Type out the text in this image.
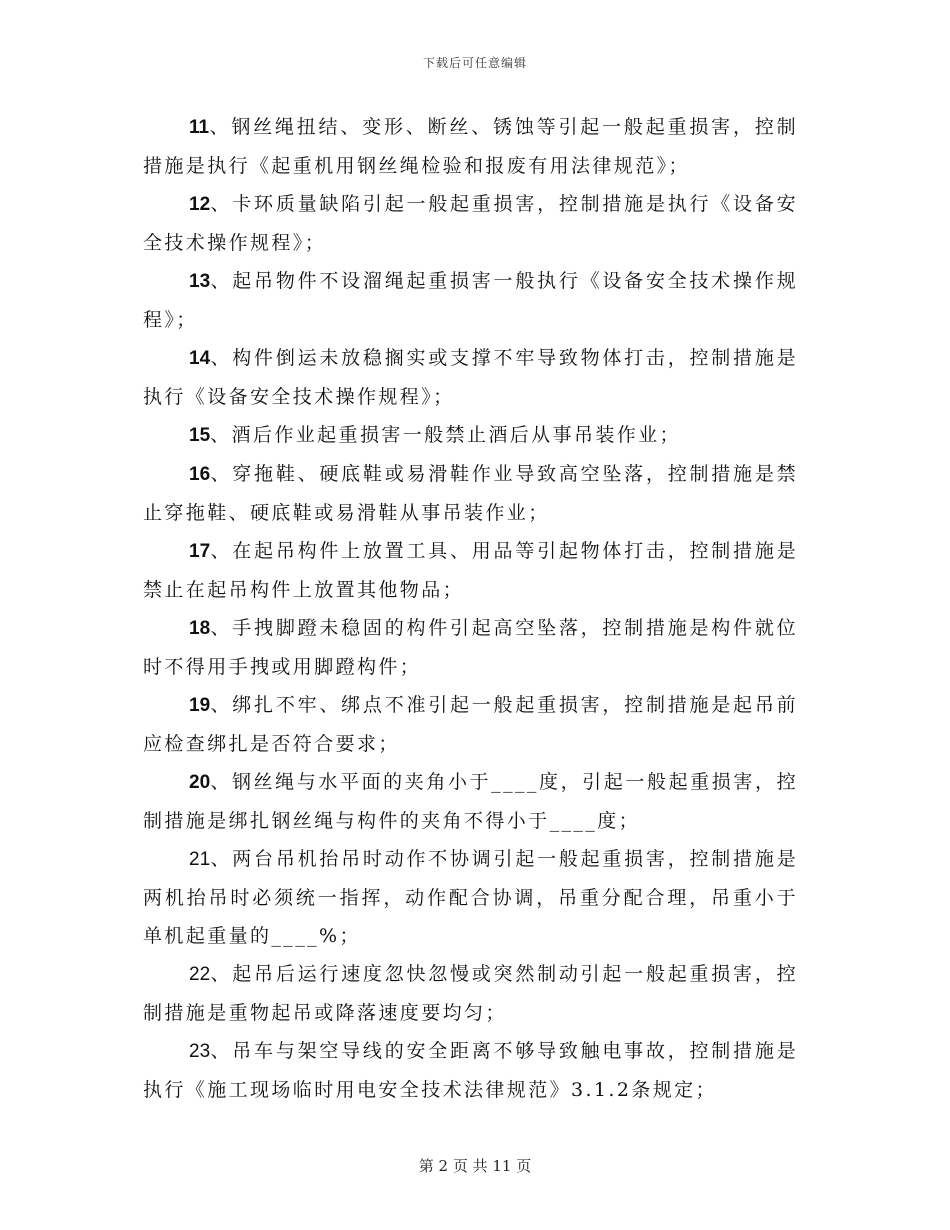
下载后可任意编辑

11、钢丝绳扭结、变形、断丝、锈蚀等引起一般起重损害，控制措施是执行《起重机用钢丝绳检验和报废有用法律规范》；

12、卡环质量缺陷引起一般起重损害，控制措施是执行《设备安全技术操作规程》；

13、起吊物件不设溜绳起重损害一般执行《设备安全技术操作规程》；

14、构件倒运未放稳搁实或支撑不牢导致物体打击，控制措施是执行《设备安全技术操作规程》；

15、酒后作业起重损害一般禁止酒后从事吊装作业；

16、穿拖鞋、硬底鞋或易滑鞋作业导致高空坠落，控制措施是禁止穿拖鞋、硬底鞋或易滑鞋从事吊装作业；

17、在起吊构件上放置工具、用品等引起物体打击，控制措施是禁止在起吊构件上放置其他物品；

18、手拽脚蹬未稳固的构件引起高空坠落，控制措施是构件就位时不得用手拽或用脚蹬构件；

19、绑扎不牢、绑点不准引起一般起重损害，控制措施是起吊前应检查绑扎是否符合要求；

20、钢丝绳与水平面的夹角小于____度，引起一般起重损害，控制措施是绑扎钢丝绳与构件的夹角不得小于____度；

21、两台吊机抬吊时动作不协调引起一般起重损害，控制措施是两机抬吊时必须统一指挥，动作配合协调，吊重分配合理，吊重小于单机起重量的____%；

22、起吊后运行速度忽快忽慢或突然制动引起一般起重损害，控制措施是重物起吊或降落速度要均匀；

23、吊车与架空导线的安全距离不够导致触电事故，控制措施是执行《施工现场临时用电安全技术法律规范》3.1.2条规定；

第 2 页 共 11 页
